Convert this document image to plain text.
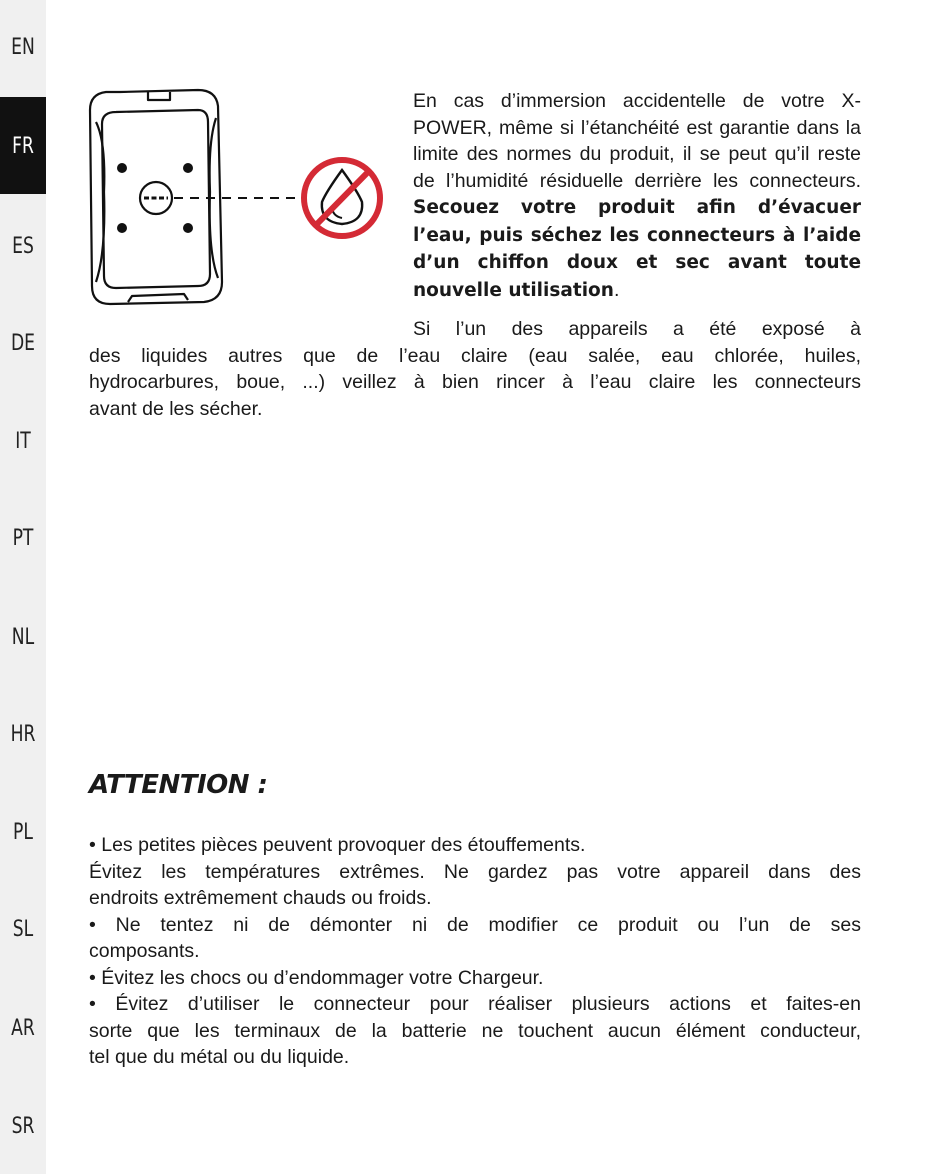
EN
FR
ES
DE
IT
PT
NL
HR
PL
SL
AR
SR
En cas d’immersion accidentelle de votre X-POWER, même si l’étanchéité est garantie dans la limite des normes du produit, il se peut qu’il reste de l’humidité résiduelle derrière les connecteurs. Secouez votre produit afin d’évacuer l’eau, puis séchez les connecteurs à l’aide d’un chiffon doux et sec avant toute nouvelle utilisation.
Si l’un des appareils a été exposé à
des liquides autres que de l’eau claire (eau salée, eau chlorée, huiles,
hydrocarbures, boue, ...) veillez à bien rincer à l’eau claire les connecteurs
avant de les sécher.
ATTENTION :
• Les petites pièces peuvent provoquer des étouffements.
Évitez les températures extrêmes. Ne gardez pas votre appareil dans des
endroits extrêmement chauds ou froids.
• Ne tentez ni de démonter ni de modifier ce produit ou l’un de ses
composants.
• Évitez les chocs ou d’endommager votre Chargeur.
• Évitez d’utiliser le connecteur pour réaliser plusieurs actions et faites-en
sorte que les terminaux de la batterie ne touchent aucun élément conducteur,
tel que du métal ou du liquide.
